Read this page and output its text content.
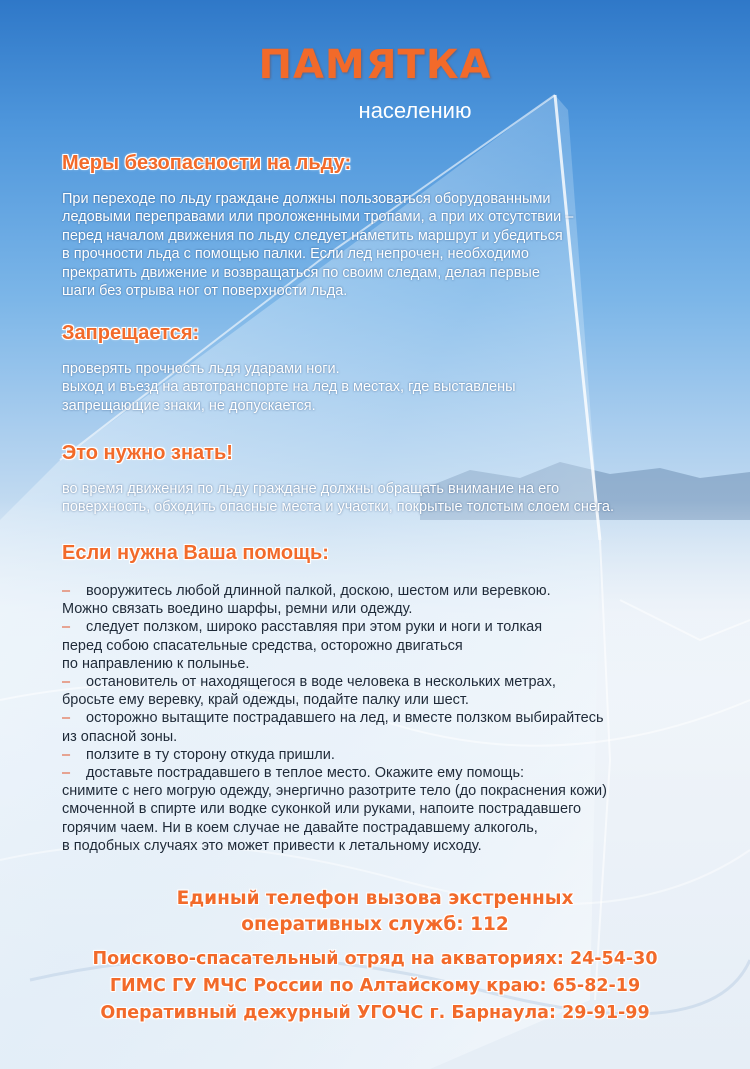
ПАМЯТКА
населению
Меры безопасности на льду:
При переходе по льду граждане должны пользоваться оборудованными
ледовыми переправами или проложенными тропами, а при их отсутствии –
перед началом движения по льду следует наметить маршрут и убедиться
в прочности льда с помощью палки. Если лед непрочен, необходимо
прекратить движение и возвращаться по своим следам, делая первые
шаги без отрыва ног от поверхности льда.
Запрещается:
проверять прочность льдя ударами ноги.
выход и въезд на автотранспорте на лед в местах, где выставлены
запрещающие знаки, не допускается.
Это нужно знать!
во время движения по льду граждане должны обращать внимание на его
поверхность, обходить опасные места и участки, покрытые толстым слоем снега.
Если нужна Ваша помощь:
– вооружитесь любой длинной палкой, доскою, шестом или веревкою.
Можно связать воедино шарфы, ремни или одежду.
– следует ползком, широко расставляя при этом руки и ноги и толкая
перед собою спасательные средства, осторожно двигаться
по направлению к полынье.
– остановитель от находящегося в воде человека в нескольких метрах,
бросьте ему веревку, край одежды, подайте палку или шест.
– осторожно вытащите пострадавшего на лед, и вместе ползком выбирайтесь
из опасной зоны.
– ползите в ту сторону откуда пришли.
– доставьте пострадавшего в теплое место. Окажите ему помощь:
снимите с него могрую одежду, энергично разотрите тело (до покраснения кожи)
смоченной в спирте или водке суконкой или руками, напоите пострадавшего
горячим чаем. Ни в коем случае не давайте пострадавшему алкоголь,
в подобных случаях это может привести к летальному исходу.
Единый телефон вызова экстренных
оперативных служб: 112
Поисково-спасательный отряд на акваториях: 24-54-30
ГИМС ГУ МЧС России по Алтайскому краю: 65-82-19
Оперативный дежурный УГОЧС г. Барнаула: 29-91-99
